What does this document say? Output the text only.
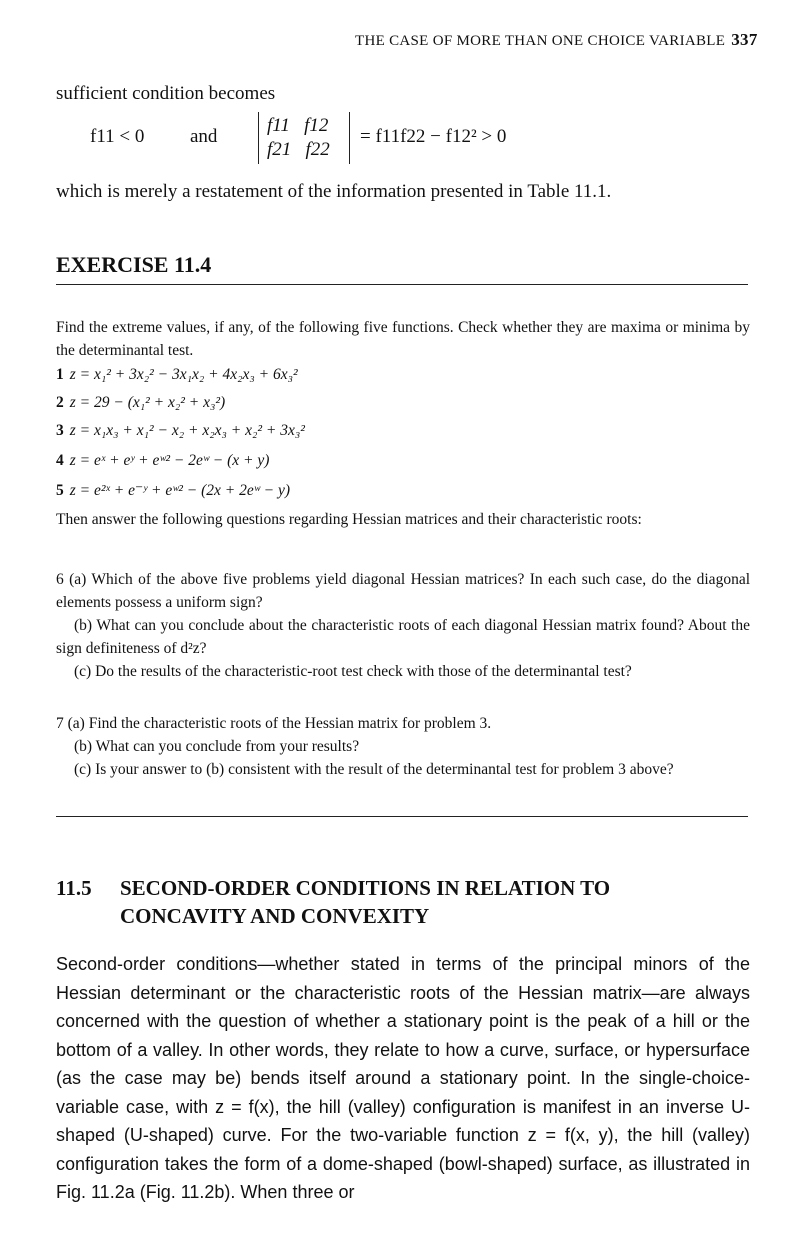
THE CASE OF MORE THAN ONE CHOICE VARIABLE 337
sufficient condition becomes
f11 < 0 and
f11   f12
f21   f22
= f11f22 − f12² > 0
which is merely a restatement of the information presented in Table 11.1.
EXERCISE 11.4
Find the extreme values, if any, of the following five functions. Check whether they are maxima or minima by the determinantal test.
1 z = x₁² + 3x₂² − 3x₁x₂ + 4x₂x₃ + 6x₃²
2 z = 29 − (x₁² + x₂² + x₃²)
3 z = x₁x₃ + x₁² − x₂ + x₂x₃ + x₂² + 3x₃²
4 z = eˣ + eʸ + eʷ² − 2eʷ − (x + y)
5 z = e²ˣ + e⁻ʸ + eʷ² − (2x + 2eʷ − y)
Then answer the following questions regarding Hessian matrices and their characteristic roots:
6 (a) Which of the above five problems yield diagonal Hessian matrices? In each such case, do the diagonal elements possess a uniform sign?
(b) What can you conclude about the characteristic roots of each diagonal Hessian matrix found? About the sign definiteness of d²z?
(c) Do the results of the characteristic-root test check with those of the determinantal test?
7 (a) Find the characteristic roots of the Hessian matrix for problem 3.
(b) What can you conclude from your results?
(c) Is your answer to (b) consistent with the result of the determinantal test for problem 3 above?
11.5 SECOND-ORDER CONDITIONS IN RELATION TO
CONCAVITY AND CONVEXITY
Second-order conditions—whether stated in terms of the principal minors of the Hessian determinant or the characteristic roots of the Hessian matrix—are always concerned with the question of whether a stationary point is the peak of a hill or the bottom of a valley. In other words, they relate to how a curve, surface, or hypersurface (as the case may be) bends itself around a stationary point. In the single-choice-variable case, with z = f(x), the hill (valley) configuration is manifest in an inverse U-shaped (U-shaped) curve. For the two-variable function z = f(x, y), the hill (valley) configuration takes the form of a dome-shaped (bowl-shaped) surface, as illustrated in Fig. 11.2a (Fig. 11.2b). When three or
